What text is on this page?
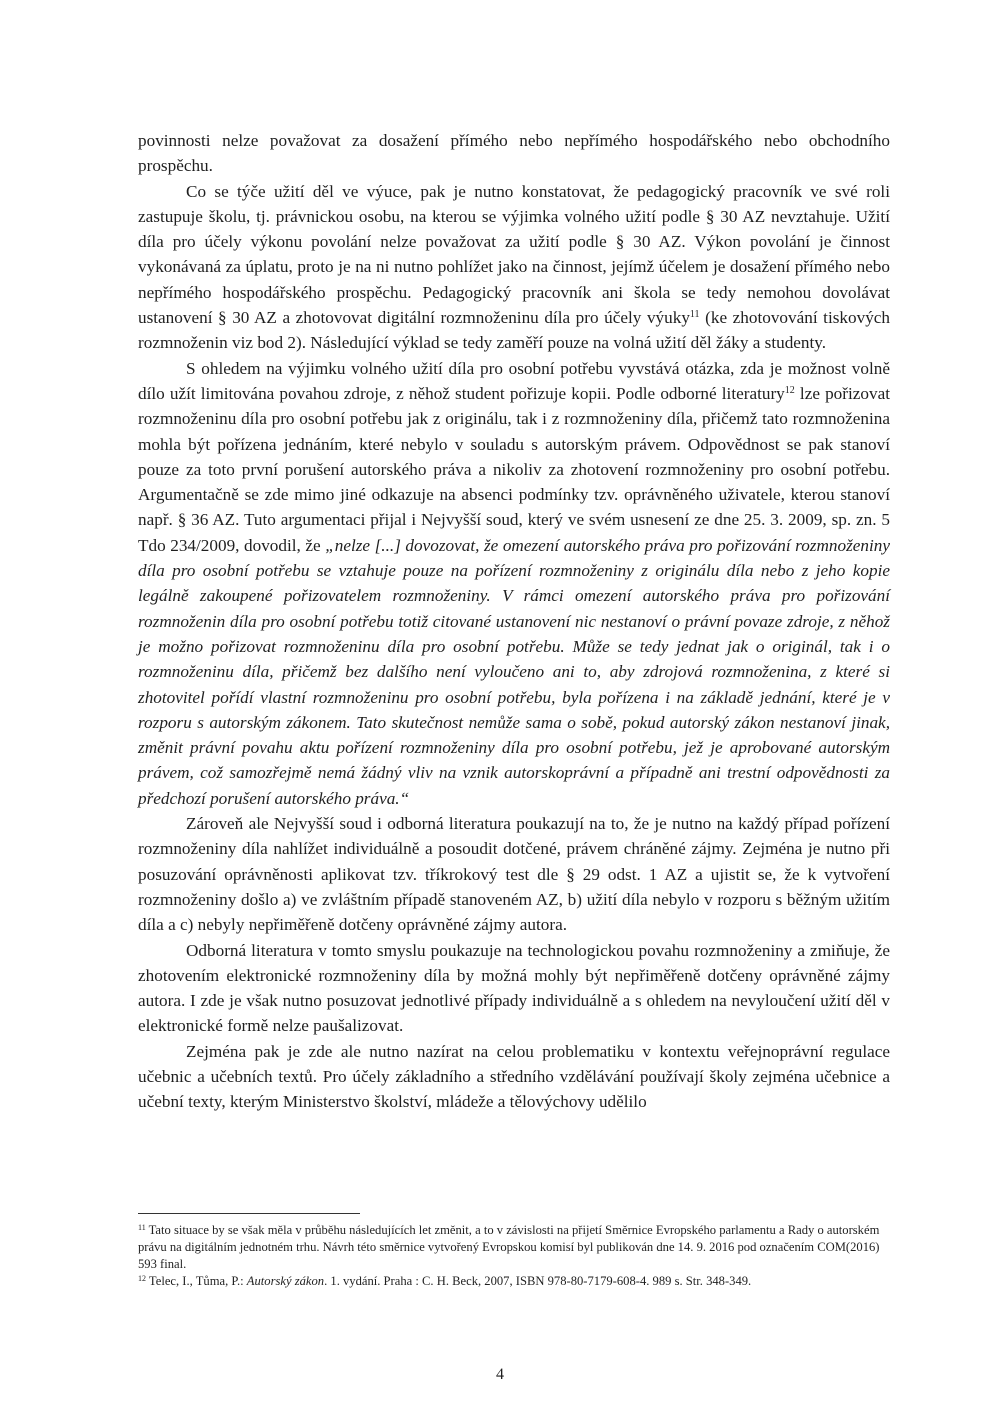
povinnosti nelze považovat za dosažení přímého nebo nepřímého hospodářského nebo obchodního prospěchu.

Co se týče užití děl ve výuce, pak je nutno konstatovat, že pedagogický pracovník ve své roli zastupuje školu, tj. právnickou osobu, na kterou se výjimka volného užití podle § 30 AZ nevztahuje. Užití díla pro účely výkonu povolání nelze považovat za užití podle § 30 AZ. Výkon povolání je činnost vykonávaná za úplatu, proto je na ni nutno pohlížet jako na činnost, jejímž účelem je dosažení přímého nebo nepřímého hospodářského prospěchu. Pedagogický pracovník ani škola se tedy nemohou dovolávat ustanovení § 30 AZ a zhotovovat digitální rozmnoženinu díla pro účely výuky$^{11}$ (ke zhotovování tiskových rozmnoženin viz bod 2). Následující výklad se tedy zaměří pouze na volná užití děl žáky a studenty.

S ohledem na výjimku volného užití díla pro osobní potřebu vyvstává otázka, zda je možnost volně dílo užít limitována povahou zdroje, z něhož student pořizuje kopii. Podle odborné literatury$^{12}$ lze pořizovat rozmnoženinu díla pro osobní potřebu jak z originálu, tak i z rozmnoženiny díla, přičemž tato rozmnoženina mohla být pořízena jednáním, které nebylo v souladu s autorským právem. Odpovědnost se pak stanoví pouze za toto první porušení autorského práva a nikoliv za zhotovení rozmnoženiny pro osobní potřebu. Argumentačně se zde mimo jiné odkazuje na absenci podmínky tzv. oprávněného uživatele, kterou stanoví např. § 36 AZ. Tuto argumentaci přijal i Nejvyšší soud, který ve svém usnesení ze dne 25. 3. 2009, sp. zn. 5 Tdo 234/2009, dovodil, že „nelze [...] dovozovat, že omezení autorského práva pro pořizování rozmnoženiny díla pro osobní potřebu se vztahuje pouze na pořízení rozmnoženiny z originálu díla nebo z jeho kopie legálně zakoupené pořizovatelem rozmnoženiny. V rámci omezení autorského práva pro pořizování rozmnoženin díla pro osobní potřebu totiž citované ustanovení nic nestanoví o právní povaze zdroje, z něhož je možno pořizovat rozmnoženinu díla pro osobní potřebu. Může se tedy jednat jak o originál, tak i o rozmnoženinu díla, přičemž bez dalšího není vyloučeno ani to, aby zdrojová rozmnoženina, z které si zhotovitel pořídí vlastní rozmnoženinu pro osobní potřebu, byla pořízena i na základě jednání, které je v rozporu s autorským zákonem. Tato skutečnost nemůže sama o sobě, pokud autorský zákon nestanoví jinak, změnit právní povahu aktu pořízení rozmnoženiny díla pro osobní potřebu, jež je aprobované autorským právem, což samozřejmě nemá žádný vliv na vznik autorskoprávní a případně ani trestní odpovědnosti za předchozí porušení autorského práva.“

Zároveň ale Nejvyšší soud i odborná literatura poukazují na to, že je nutno na každý případ pořízení rozmnoženiny díla nahlížet individuálně a posoudit dotčené, právem chráněné zájmy. Zejména je nutno při posuzování oprávněnosti aplikovat tzv. tříkrokový test dle § 29 odst. 1 AZ a ujistit se, že k vytvoření rozmnoženiny došlo a) ve zvláštním případě stanoveném AZ, b) užití díla nebylo v rozporu s běžným užitím díla a c) nebyly nepřiměřeně dotčeny oprávněné zájmy autora.

Odborná literatura v tomto smyslu poukazuje na technologickou povahu rozmnoženiny a zmiňuje, že zhotovením elektronické rozmnoženiny díla by možná mohly být nepřiměřeně dotčeny oprávněné zájmy autora. I zde je však nutno posuzovat jednotlivé případy individuálně a s ohledem na nevyloučení užití děl v elektronické formě nelze paušalizovat.

Zejména pak je zde ale nutno nazírat na celou problematiku v kontextu veřejnoprávní regulace učebnic a učebních textů. Pro účely základního a středního vzdělávání používají školy zejména učebnice a učební texty, kterým Ministerstvo školství, mládeže a tělovýchovy udělilo

$^{11}$ Tato situace by se však měla v průběhu následujících let změnit, a to v závislosti na přijetí Směrnice Evropského parlamentu a Rady o autorském právu na digitálním jednotném trhu. Návrh této směrnice vytvořený Evropskou komisí byl publikován dne 14. 9. 2016 pod označením COM(2016) 593 final.

$^{12}$ Telec, I., Tůma, P.: Autorský zákon. 1. vydání. Praha : C. H. Beck, 2007, ISBN 978-80-7179-608-4. 989 s. Str. 348-349.

4
